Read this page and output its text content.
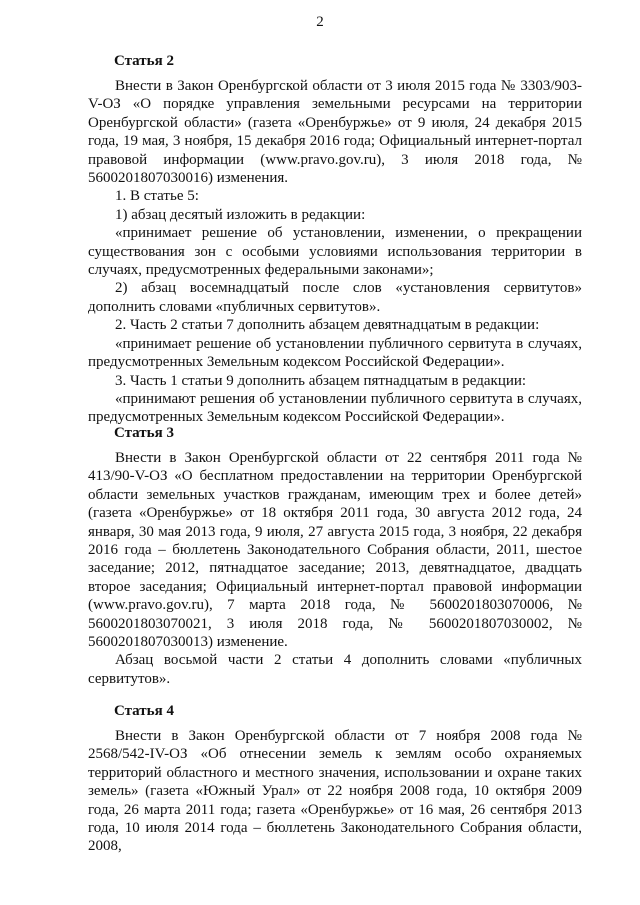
2
Статья 2

Внести в Закон Оренбургской области от 3 июля 2015 года № 3303/903-V-ОЗ «О порядке управления земельными ресурсами на территории Оренбургской области» (газета «Оренбуржье» от 9 июля, 24 декабря 2015 года, 19 мая, 3 ноября, 15 декабря 2016 года; Официальный интернет-портал правовой информации (www.pravo.gov.ru), 3 июля 2018 года, № 5600201807030016) изменения.

1. В статье 5:

1) абзац десятый изложить в редакции:

«принимает решение об установлении, изменении, о прекращении существования зон с особыми условиями использования территории в случаях, предусмотренных федеральными законами»;

2) абзац восемнадцатый после слов «установления сервитутов» дополнить словами «публичных сервитутов».

2. Часть 2 статьи 7 дополнить абзацем девятнадцатым в редакции:

«принимает решение об установлении публичного сервитута в случаях, предусмотренных Земельным кодексом Российской Федерации».

3. Часть 1 статьи 9 дополнить абзацем пятнадцатым в редакции:

«принимают решения об установлении публичного сервитута в случаях, предусмотренных Земельным кодексом Российской Федерации».

Статья 3

Внести в Закон Оренбургской области от 22 сентября 2011 года № 413/90-V-ОЗ «О бесплатном предоставлении на территории Оренбургской области земельных участков гражданам, имеющим трех и более детей» (газета «Оренбуржье» от 18 октября 2011 года, 30 августа 2012 года, 24 января, 30 мая 2013 года, 9 июля, 27 августа 2015 года, 3 ноября, 22 декабря 2016 года – бюллетень Законодательного Собрания области, 2011, шестое заседание; 2012, пятнадцатое заседание; 2013, девятнадцатое, двадцать второе заседания; Официальный интернет-портал правовой информации (www.pravo.gov.ru), 7 марта 2018 года, № 5600201803070006, № 5600201803070021, 3 июля 2018 года, № 5600201807030002, № 5600201807030013) изменение.

Абзац восьмой части 2 статьи 4 дополнить словами «публичных сервитутов».

Статья 4

Внести в Закон Оренбургской области от 7 ноября 2008 года № 2568/542-IV-ОЗ «Об отнесении земель к землям особо охраняемых территорий областного и местного значения, использовании и охране таких земель» (газета «Южный Урал» от 22 ноября 2008 года, 10 октября 2009 года, 26 марта 2011 года; газета «Оренбуржье» от 16 мая, 26 сентября 2013 года, 10 июля 2014 года – бюллетень Законодательного Собрания области, 2008,
